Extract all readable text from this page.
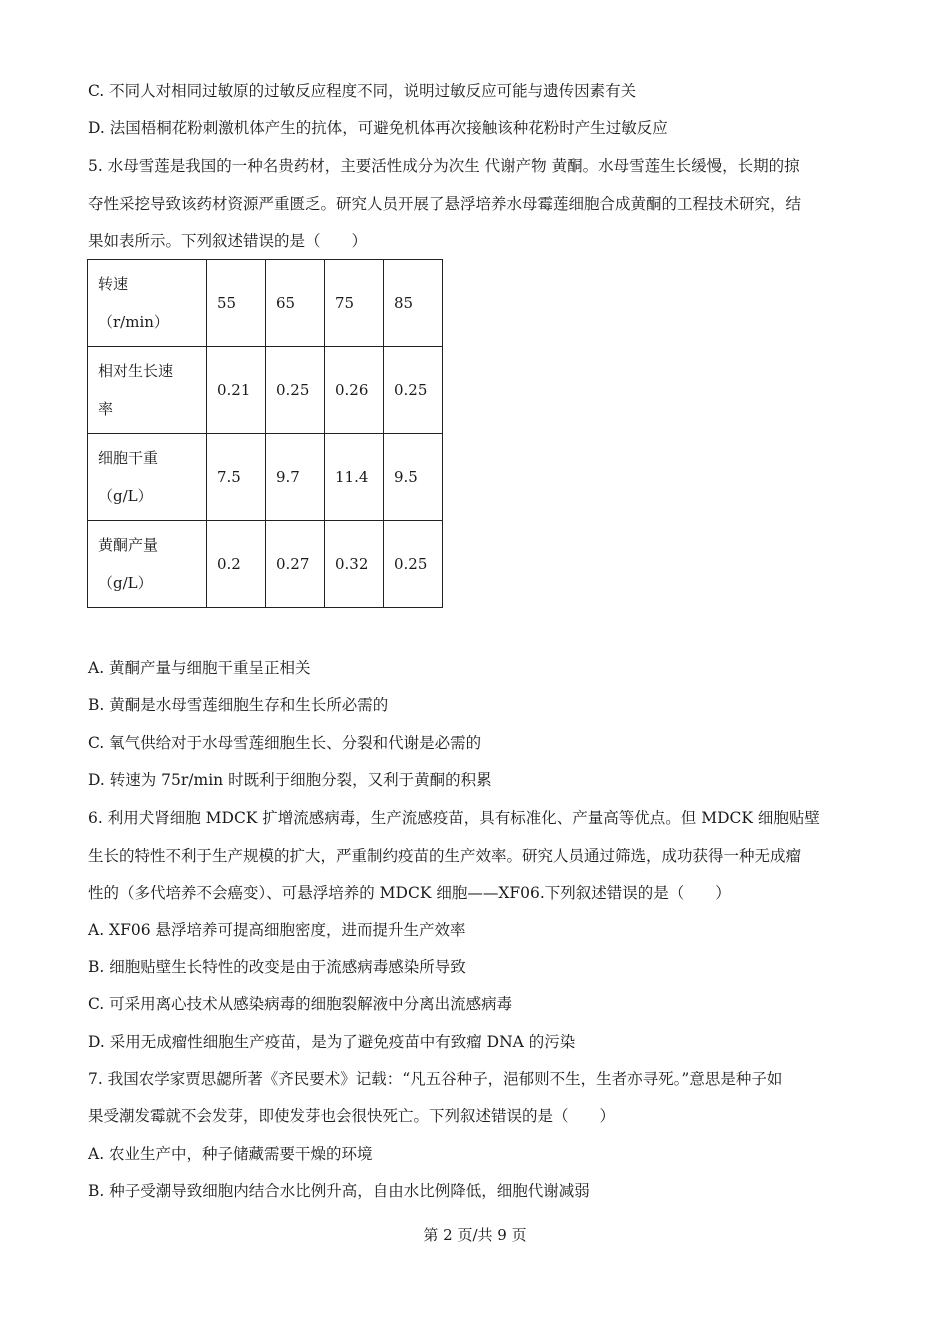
C. 不同人对相同过敏原的过敏反应程度不同，说明过敏反应可能与遗传因素有关
D. 法国梧桐花粉刺激机体产生的抗体，可避免机体再次接触该种花粉时产生过敏反应
5. 水母雪莲是我国的一种名贵药材，主要活性成分为次生 代谢产物 黄酮。水母雪莲生长缓慢，长期的掠
夺性采挖导致该药材资源严重匮乏。研究人员开展了悬浮培养水母霉莲细胞合成黄酮的工程技术研究，结
果如表所示。下列叙述错误的是（　　）
转速
（r/min）	55	65	75	85

相对生长速
率	0.21	0.25	0.26	0.25

细胞干重
（g/L）	7.5	9.7	11.4	9.5

黄酮产量
（g/L）	0.2	0.27	0.32	0.25
A. 黄酮产量与细胞干重呈正相关
B. 黄酮是水母雪莲细胞生存和生长所必需的
C. 氧气供给对于水母雪莲细胞生长、分裂和代谢是必需的
D. 转速为 75r/min 时既利于细胞分裂，又利于黄酮的积累
6. 利用犬肾细胞 MDCK 扩增流感病毒，生产流感疫苗，具有标准化、产量高等优点。但 MDCK 细胞贴壁
生长的特性不利于生产规模的扩大，严重制约疫苗的生产效率。研究人员通过筛选，成功获得一种无成瘤
性的（多代培养不会癌变）、可悬浮培养的 MDCK 细胞——XF06.下列叙述错误的是（　　）
A. XF06 悬浮培养可提高细胞密度，进而提升生产效率
B. 细胞贴壁生长特性的改变是由于流感病毒感染所导致
C. 可采用离心技术从感染病毒的细胞裂解液中分离出流感病毒
D. 采用无成瘤性细胞生产疫苗，是为了避免疫苗中有致瘤 DNA 的污染
7. 我国农学家贾思勰所著《齐民要术》记载：“凡五谷种子，浥郁则不生，生者亦寻死。”意思是种子如
果受潮发霉就不会发芽，即使发芽也会很快死亡。下列叙述错误的是（　　）
A. 农业生产中，种子储藏需要干燥的环境
B. 种子受潮导致细胞内结合水比例升高，自由水比例降低，细胞代谢减弱
第 2 页/共 9 页
